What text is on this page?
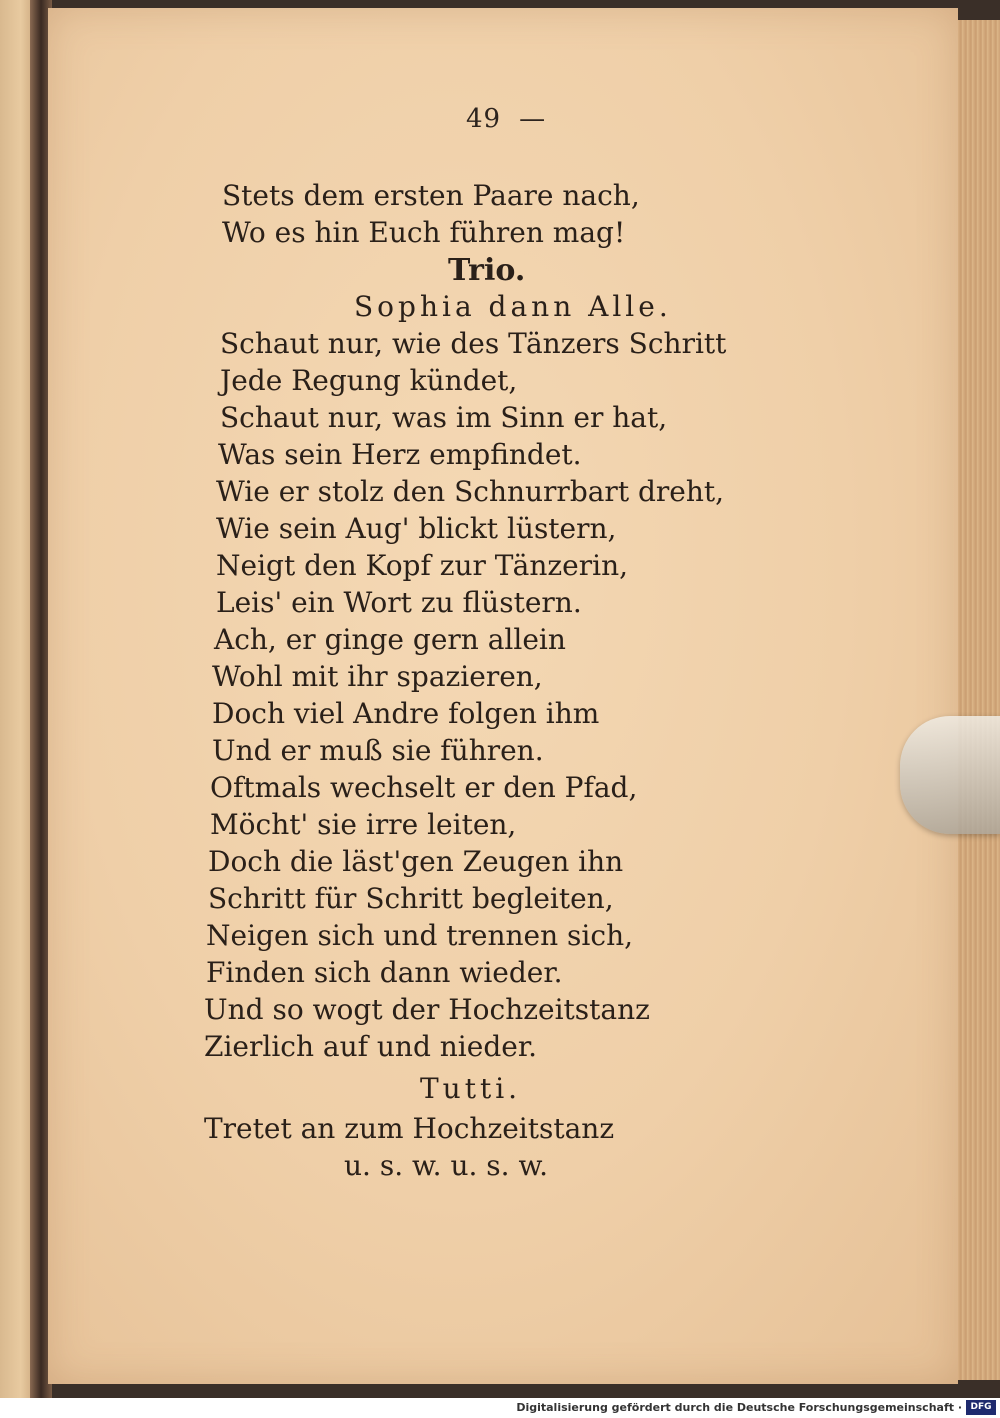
49 —
Stets dem ersten Paare nach,
Wo es hin Euch führen mag!
Trio.
Sophia dann Alle.
Schaut nur, wie des Tänzers Schritt
Jede Regung kündet,
Schaut nur, was im Sinn er hat,
Was sein Herz empfindet.
Wie er stolz den Schnurrbart dreht,
Wie sein Aug' blickt lüstern,
Neigt den Kopf zur Tänzerin,
Leis' ein Wort zu flüstern.
Ach, er ginge gern allein
Wohl mit ihr spazieren,
Doch viel Andre folgen ihm
Und er muß sie führen.
Oftmals wechselt er den Pfad,
Möcht' sie irre leiten,
Doch die läst'gen Zeugen ihn
Schritt für Schritt begleiten,
Neigen sich und trennen sich,
Finden sich dann wieder.
Und so wogt der Hochzeitstanz
Zierlich auf und nieder.
Tutti.
Tretet an zum Hochzeitstanz
u. s. w. u. s. w.
Digitalisierung gefördert durch die Deutsche Forschungsgemeinschaft · DFG
